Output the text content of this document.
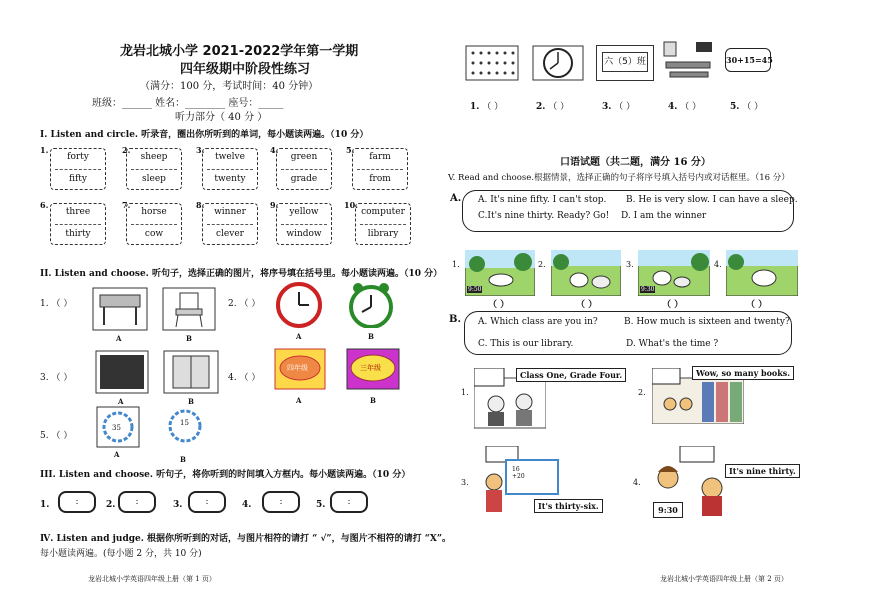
龙岩北城小学 2021-2022学年第一学期
四年级期中阶段性练习
（满分：100 分，考试时间：40 分钟）
班级：______ 姓名：________ 座号：_____
听力部分（ 40 分 ）
I. Listen and circle. 听录音，圈出你所听到的单词，每小题读两遍。（10 分）
1.
forty
fifty
2.
sheep
sleep
3.
twelve
twenty
4.
green
grade
5.
farm
from
6.
three
thirty
7.
horse
cow
8.
winner
clever
9.
yellow
window
10.
computer
library
II. Listen and choose. 听句子，选择正确的图片，将序号填在括号里。每小题读两遍。（10 分）
1. （ ）
A	B
2. （ ）
A	B
3. （ ）
A	B
4. （ ）
四年级	三年级
A	B
5. （ ）
35
15
A
B
III. Listen and choose. 听句子，将你听到的时间填入方框内。每小题读两遍。（10 分）
1.	:	2.	:	3.	:	4.	:	5.	:
Ⅳ. Listen and judge. 根据你所听到的对话，与图片相符的请打 “ √”，与图片不相符的请打 “X”。
每小题读两遍。(每小题 2 分，共 10 分)
龙岩北城小学英语四年级上册（第 1 页）
六（5）班	30+15=45
1. （ ）	2. （ ）	3. （ ）	4. （ ）	5. （ ）
口语试题（共二题，满分 16 分）
V. Read and choose.根据情景，选择正确的句子将序号填入括号内或对话框里。（16 分）
A. A. It's nine fifty. I can't stop. B. He is very slow. I can have a sleep.
C.It's nine thirty. Ready? Go! D. I am the winner
1.
9:50
（ ）
2.
（ ）
3.
9:30
（ ）
4.
（ ）
B. A. Which class are you in?	B. How much is sixteen and twenty?
C. This is our library.	D. What's the time ?
1.
Class One, Grade Four.
2.
Wow, so many books.
3.
16
+20
It's thirty-six.
4.
It's nine thirty.
9:30
龙岩北城小学英语四年级上册（第 2 页）
